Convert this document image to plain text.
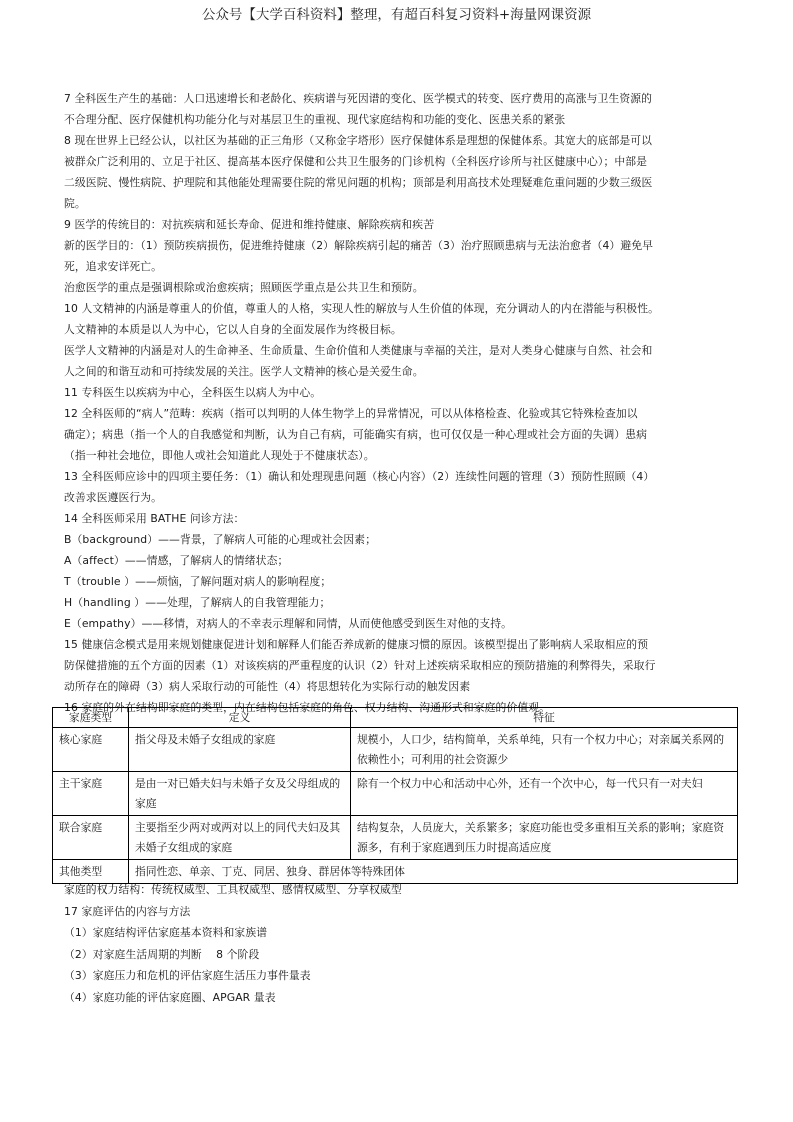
公众号【大学百科资料】整理，有超百科复习资料+海量网课资源

7 全科医生产生的基础：人口迅速增长和老龄化、疾病谱与死因谱的变化、医学模式的转变、医疗费用的高涨与卫生资源的

不合理分配、医疗保健机构功能分化与对基层卫生的重视、现代家庭结构和功能的变化、医患关系的紧张

8 现在世界上已经公认，以社区为基础的正三角形（又称金字塔形）医疗保健体系是理想的保健体系。其宽大的底部是可以

被群众广泛利用的、立足于社区、提高基本医疗保健和公共卫生服务的门诊机构（全科医疗诊所与社区健康中心）；中部是

二级医院、慢性病院、护理院和其他能处理需要住院的常见问题的机构；顶部是利用高技术处理疑难危重问题的少数三级医

院。

9 医学的传统目的：对抗疾病和延长寿命、促进和维持健康、解除疾病和疾苦

新的医学目的：（1）预防疾病损伤，促进维持健康（2）解除疾病引起的痛苦（3）治疗照顾患病与无法治愈者（4）避免早

死，追求安详死亡。

治愈医学的重点是强调根除或治愈疾病；照顾医学重点是公共卫生和预防。

10 人文精神的内涵是尊重人的价值，尊重人的人格，实现人性的解放与人生价值的体现，充分调动人的内在潜能与积极性。

人文精神的本质是以人为中心，它以人自身的全面发展作为终极目标。

医学人文精神的内涵是对人的生命神圣、生命质量、生命价值和人类健康与幸福的关注，是对人类身心健康与自然、社会和

人之间的和谐互动和可持续发展的关注。医学人文精神的核心是关爱生命。

11 专科医生以疾病为中心，全科医生以病人为中心。

12 全科医师的“病人”范畴：疾病（指可以判明的人体生物学上的异常情况，可以从体格检查、化验或其它特殊检查加以

确定）；病患（指一个人的自我感觉和判断，认为自己有病，可能确实有病，也可仅仅是一种心理或社会方面的失调）患病

（指一种社会地位，即他人或社会知道此人现处于不健康状态）。

13 全科医师应诊中的四项主要任务：（1）确认和处理现患问题（核心内容）（2）连续性问题的管理（3）预防性照顾（4）

改善求医遵医行为。

14 全科医师采用 BATHE 问诊方法：

B（background）——背景，了解病人可能的心理或社会因素；

A（affect）——情感，了解病人的情绪状态；

T（trouble ）——烦恼，了解问题对病人的影响程度；

H（handling ）——处理，了解病人的自我管理能力；

E（empathy）——移情，对病人的不幸表示理解和同情，从而使他感受到医生对他的支持。

15 健康信念模式是用来规划健康促进计划和解释人们能否养成新的健康习惯的原因。该模型提出了影响病人采取相应的预

防保健措施的五个方面的因素（1）对该疾病的严重程度的认识（2）针对上述疾病采取相应的预防措施的利弊得失，采取行

动所存在的障碍（3）病人采取行动的可能性（4）将思想转化为实际行动的触发因素

16 家庭的外在结构即家庭的类型，内在结构包括家庭的角色、权力结构、沟通形式和家庭的价值观。

家庭类型	定义	特征
核心家庭	指父母及未婚子女组成的家庭	规模小，人口少，结构简单，关系单纯，只有一个权力中心；对亲属关系网的依赖性小；可利用的社会资源少
主干家庭	是由一对已婚夫妇与未婚子女及父母组成的家庭	除有一个权力中心和活动中心外，还有一个次中心，每一代只有一对夫妇
联合家庭	主要指至少两对或两对以上的同代夫妇及其未婚子女组成的家庭	结构复杂，人员庞大，关系繁多；家庭功能也受多重相互关系的影响；家庭资源多，有利于家庭遇到压力时提高适应度
其他类型	指同性恋、单亲、丁克、同居、独身、群居体等特殊团体	

家庭的权力结构：传统权威型、工具权威型、感情权威型、分享权威型

17 家庭评估的内容与方法

（1）家庭结构评估家庭基本资料和家族谱

（2）对家庭生活周期的判断　 8 个阶段

（3）家庭压力和危机的评估家庭生活压力事件量表

（4）家庭功能的评估家庭圈、APGAR 量表
